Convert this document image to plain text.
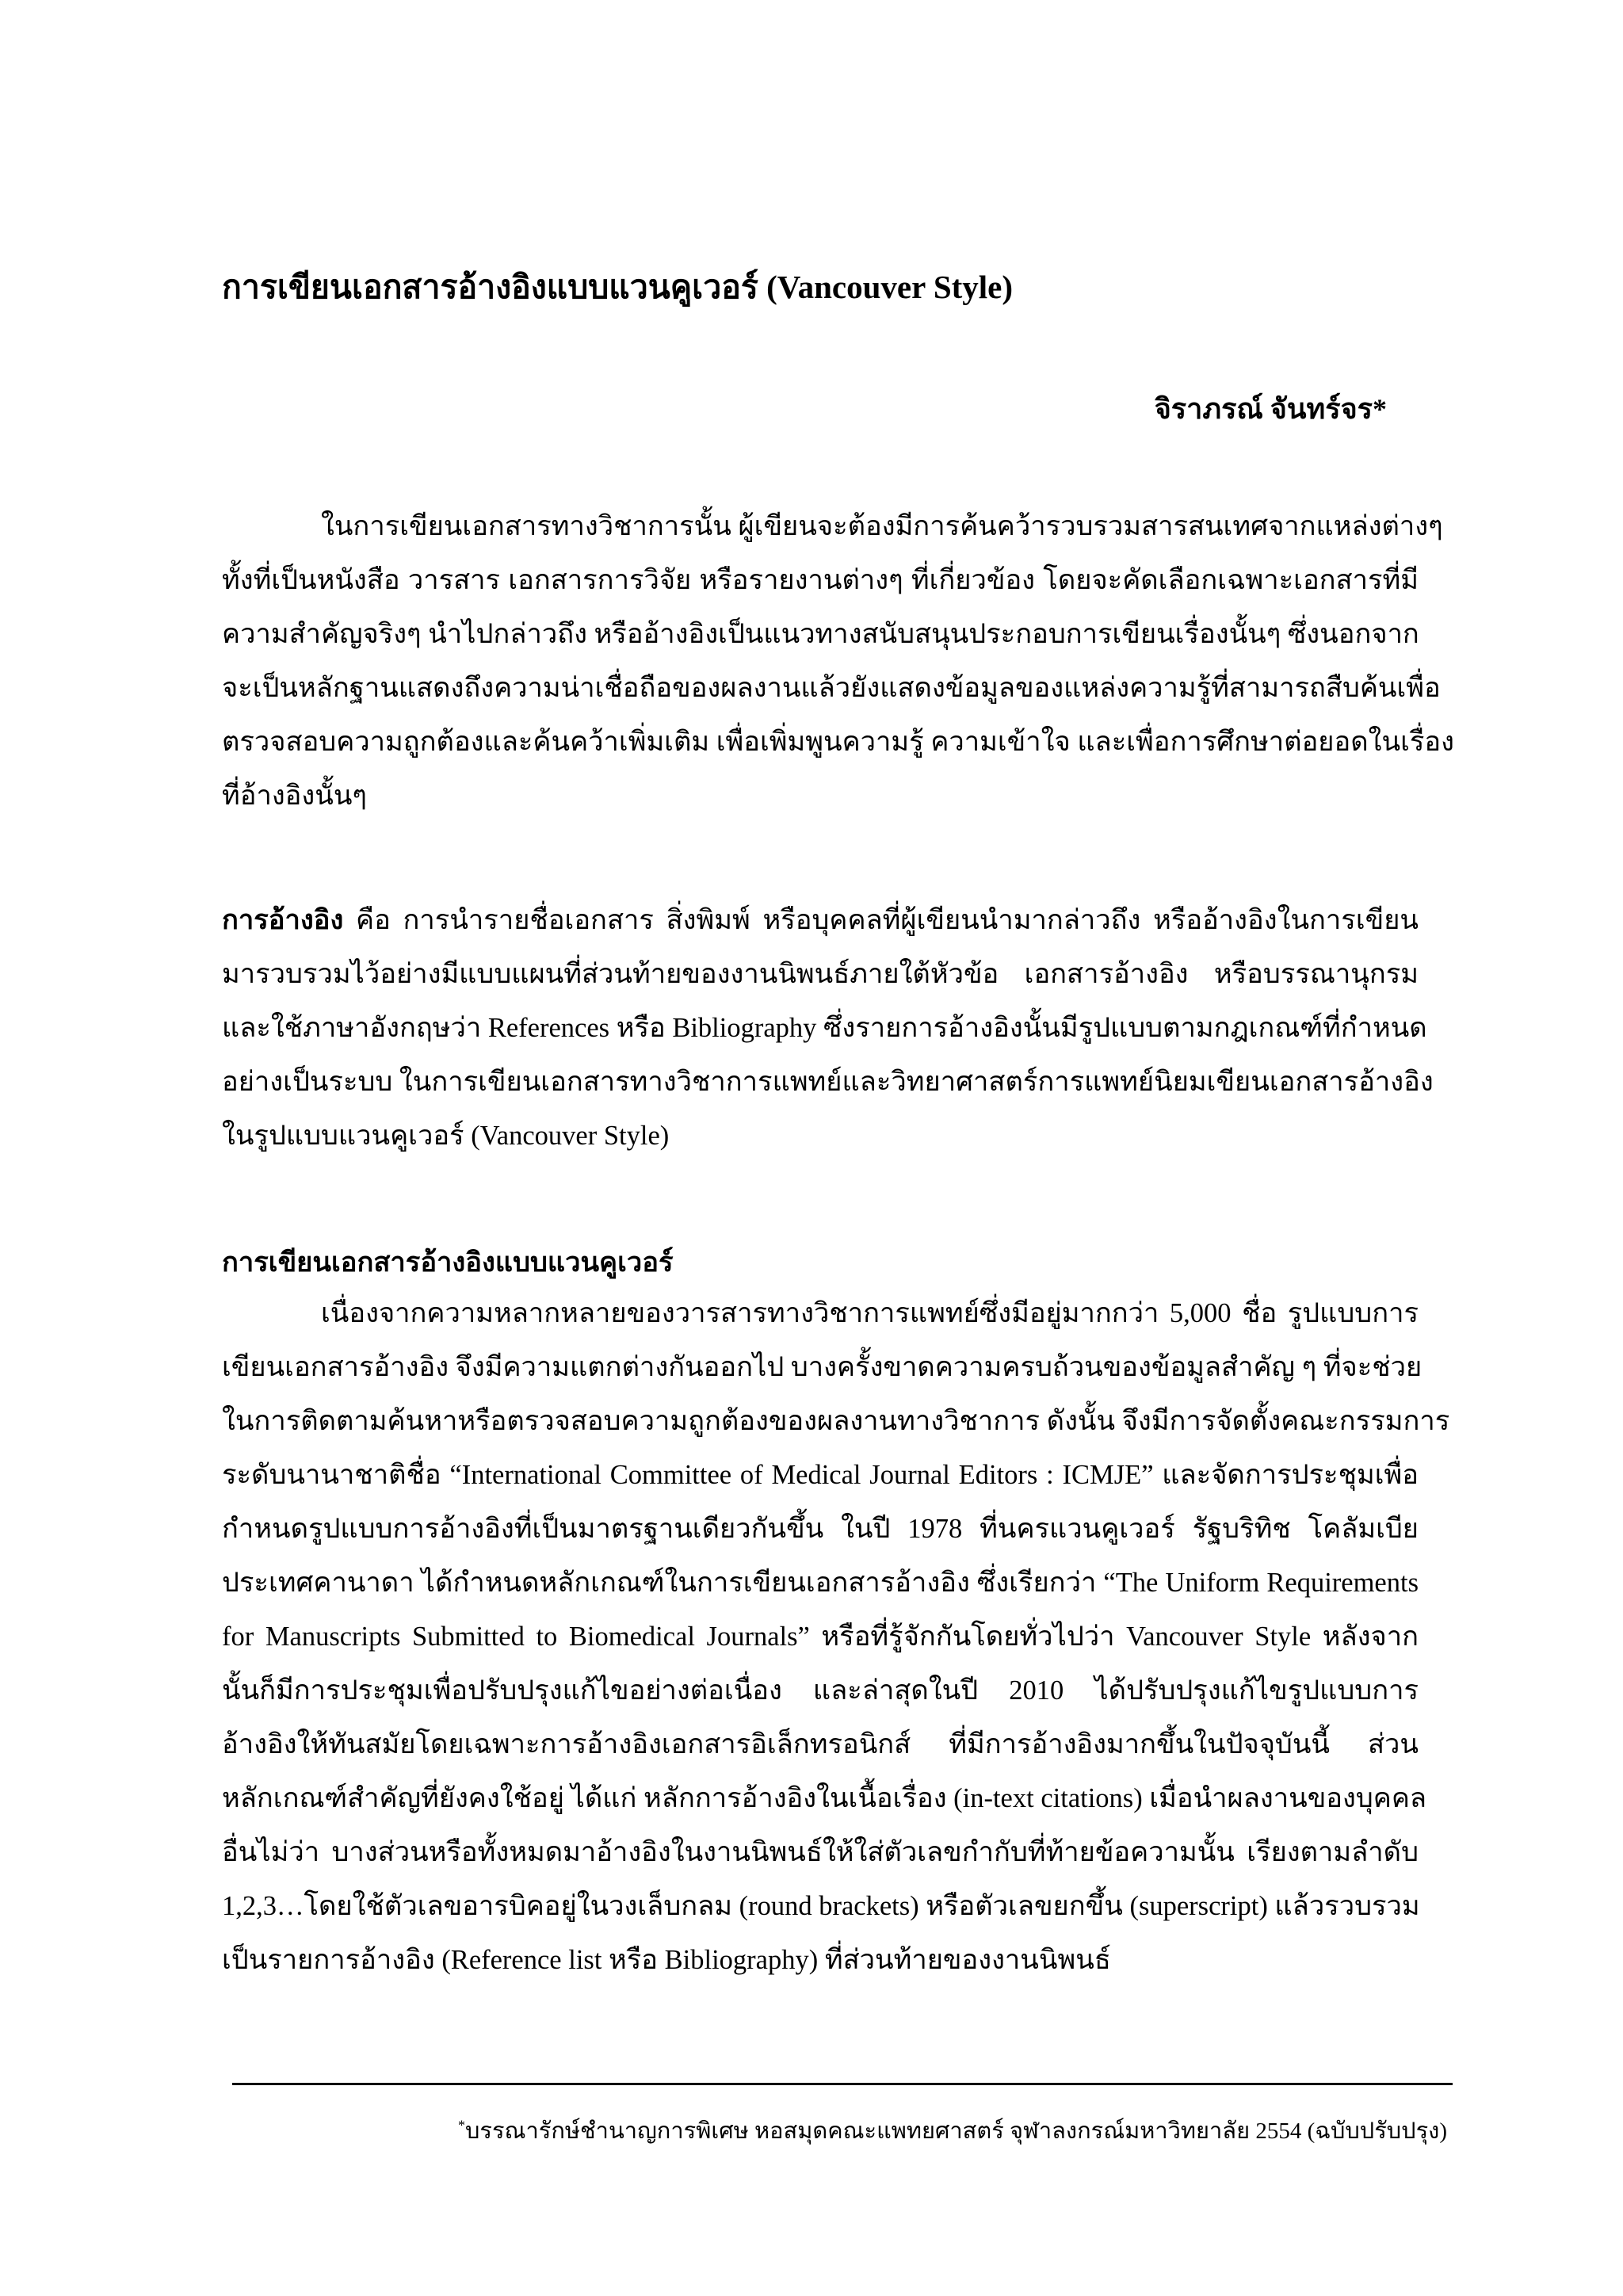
การเขียนเอกสารอ้างอิงแบบแวนคูเวอร์ (Vancouver Style)
จิราภรณ์ จันทร์จร*
ในการเขียนเอกสารทางวิชาการนั้น ผู้เขียนจะต้องมีการค้นคว้ารวบรวมสารสนเทศจากแหล่งต่างๆ
ทั้งที่เป็นหนังสือ วารสาร เอกสารการวิจัย หรือรายงานต่างๆ ที่เกี่ยวข้อง โดยจะคัดเลือกเฉพาะเอกสารที่มี
ความสำคัญจริงๆ นำไปกล่าวถึง หรืออ้างอิงเป็นแนวทางสนับสนุนประกอบการเขียนเรื่องนั้นๆ ซึ่งนอกจาก
จะเป็นหลักฐานแสดงถึงความน่าเชื่อถือของผลงานแล้วยังแสดงข้อมูลของแหล่งความรู้ที่สามารถสืบค้นเพื่อ
ตรวจสอบความถูกต้องและค้นคว้าเพิ่มเติม เพื่อเพิ่มพูนความรู้ ความเข้าใจ และเพื่อการศึกษาต่อยอดในเรื่อง
ที่อ้างอิงนั้นๆ
การอ้างอิง คือ การนำรายชื่อเอกสาร สิ่งพิมพ์ หรือบุคคลที่ผู้เขียนนำมากล่าวถึง หรืออ้างอิงในการเขียน
มารวบรวมไว้อย่างมีแบบแผนที่ส่วนท้ายของงานนิพนธ์ภายใต้หัวข้อ เอกสารอ้างอิง หรือบรรณานุกรม
และใช้ภาษาอังกฤษว่า References หรือ Bibliography ซึ่งรายการอ้างอิงนั้นมีรูปแบบตามกฎเกณฑ์ที่กำหนด
อย่างเป็นระบบ ในการเขียนเอกสารทางวิชาการแพทย์และวิทยาศาสตร์การแพทย์นิยมเขียนเอกสารอ้างอิง
ในรูปแบบแวนคูเวอร์ (Vancouver Style)
การเขียนเอกสารอ้างอิงแบบแวนคูเวอร์
เนื่องจากความหลากหลายของวารสารทางวิชาการแพทย์ซึ่งมีอยู่มากกว่า 5,000 ชื่อ รูปแบบการ
เขียนเอกสารอ้างอิง จึงมีความแตกต่างกันออกไป บางครั้งขาดความครบถ้วนของข้อมูลสำคัญ ๆ ที่จะช่วย
ในการติดตามค้นหาหรือตรวจสอบความถูกต้องของผลงานทางวิชาการ ดังนั้น จึงมีการจัดตั้งคณะกรรมการ
ระดับนานาชาติชื่อ “International Committee of Medical Journal Editors : ICMJE” และจัดการประชุมเพื่อ
กำหนดรูปแบบการอ้างอิงที่เป็นมาตรฐานเดียวกันขึ้น ในปี 1978 ที่นครแวนคูเวอร์ รัฐบริทิช โคลัมเบีย
ประเทศคานาดา ได้กำหนดหลักเกณฑ์ในการเขียนเอกสารอ้างอิง ซึ่งเรียกว่า “The Uniform Requirements
for Manuscripts Submitted to Biomedical Journals” หรือที่รู้จักกันโดยทั่วไปว่า Vancouver Style หลังจาก
นั้นก็มีการประชุมเพื่อปรับปรุงแก้ไขอย่างต่อเนื่อง และล่าสุดในปี 2010 ได้ปรับปรุงแก้ไขรูปแบบการ
อ้างอิงให้ทันสมัยโดยเฉพาะการอ้างอิงเอกสารอิเล็กทรอนิกส์ ที่มีการอ้างอิงมากขึ้นในปัจจุบันนี้ ส่วน
หลักเกณฑ์สำคัญที่ยังคงใช้อยู่ ได้แก่ หลักการอ้างอิงในเนื้อเรื่อง (in-text citations) เมื่อนำผลงานของบุคคล
อื่นไม่ว่า บางส่วนหรือทั้งหมดมาอ้างอิงในงานนิพนธ์ให้ใส่ตัวเลขกำกับที่ท้ายข้อความนั้น เรียงตามลำดับ
1,2,3…โดยใช้ตัวเลขอารบิคอยู่ในวงเล็บกลม (round brackets) หรือตัวเลขยกขึ้น (superscript) แล้วรวบรวม
เป็นรายการอ้างอิง (Reference list หรือ Bibliography) ที่ส่วนท้ายของงานนิพนธ์
*บรรณารักษ์ชำนาญการพิเศษ หอสมุดคณะแพทยศาสตร์ จุฬาลงกรณ์มหาวิทยาลัย 2554 (ฉบับปรับปรุง)
